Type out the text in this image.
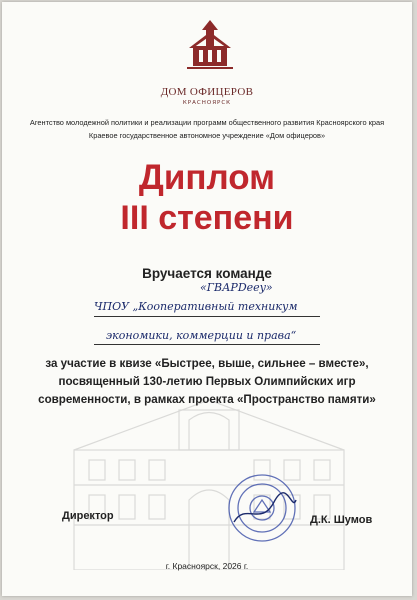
ДОМ ОФИЦЕРОВ
КРАСНОЯРСК
Агентство молодежной политики и реализации программ общественного развития Красноярского края
Краевое государственное автономное учреждение «Дом офицеров»
Диплом
III степени
Вручается команде
«ГВАРDeey»
ЧПОУ „Кооперативный техникум
экономики, коммерции и права“
за участие в квизе «Быстрее, выше, сильнее – вместе»,
посвященный 130-летию Первых Олимпийских игр
современности, в рамках проекта «Пространство памяти»
Директор	Д.К. Шумов
г. Красноярск, 2026 г.
